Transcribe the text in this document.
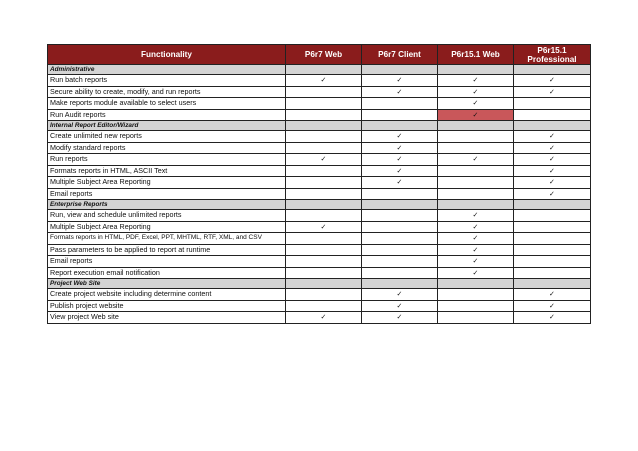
Functionality	P6r7 Web	P6r7 Client	P6r15.1 Web	P6r15.1 Professional
Administrative				
Run batch reports	✓	✓	✓	✓
Secure ability to create, modify, and run reports		✓	✓	✓
Make reports module available to select users			✓	
Run Audit reports			✓	
Internal Report Editor/Wizard				
Create unlimited new reports		✓		✓
Modify standard reports		✓		✓
Run reports	✓	✓	✓	✓
Formats reports in HTML, ASCII Text		✓		✓
Multiple Subject Area Reporting		✓		✓
Email reports				✓
Enterprise Reports				
Run, view and schedule unlimited reports			✓	
Multiple Subject Area Reporting	✓		✓	
Formats reports in HTML, PDF, Excel, PPT, MHTML, RTF, XML, and CSV			✓	
Pass parameters to be applied to report at runtime			✓	
Email reports			✓	
Report execution email notification			✓	
Project Web Site				
Create project website including determine content		✓		✓
Publish project website		✓		✓
View project Web site	✓	✓		✓
